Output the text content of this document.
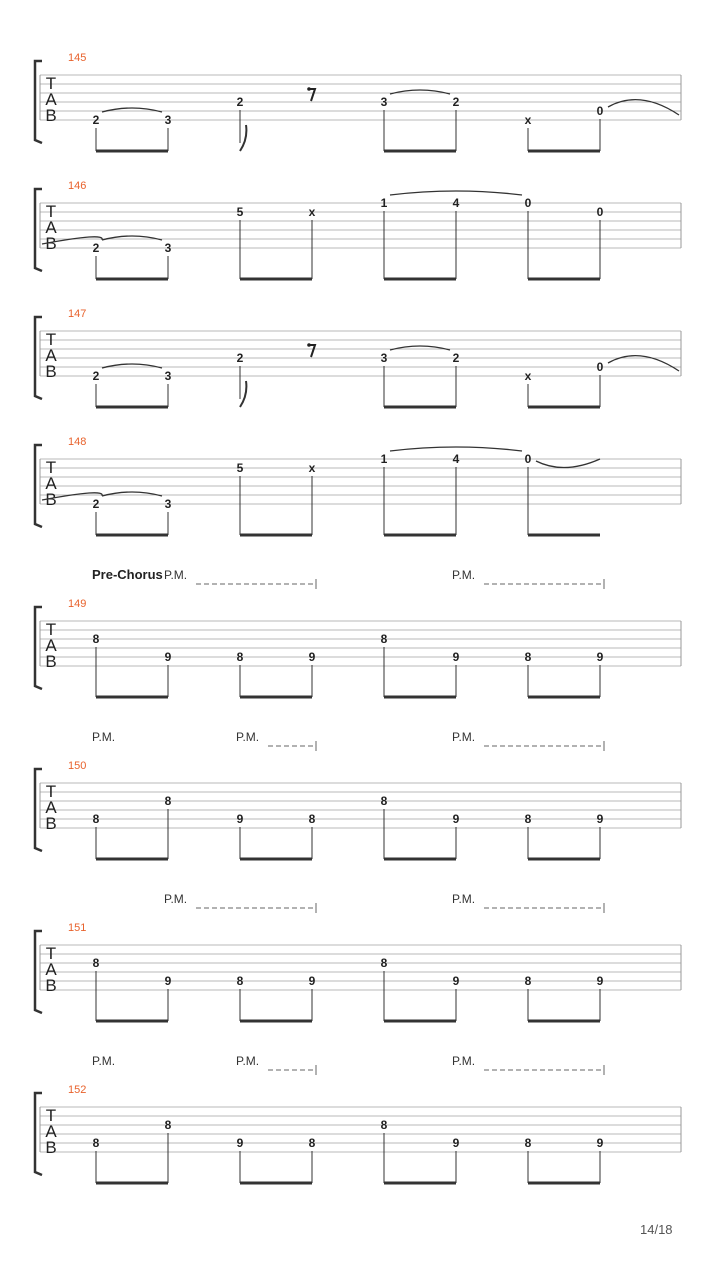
T
A
B
145
2	3
2	3	2
x
0
T
A
B
146
2	3
5	x
1	4	0
0
T
A
B
147
2	3
2	3	2
x
0
T
A
B
148
2	3
5	x
1	4	0
T
A
B
149
Pre-Chorus P.M.	P.M.
8
9	8	9
8
9	8	9
T
A
B
150
P.M.	P.M.	P.M.
8
8
9	8
8
9	8	9
T
A
B
151
P.M.	P.M.
8
9	8	9
8
9	8	9
T
A
B
152
P.M.	P.M.	P.M.
8
8
9	8
8
9	8	9
14/18
